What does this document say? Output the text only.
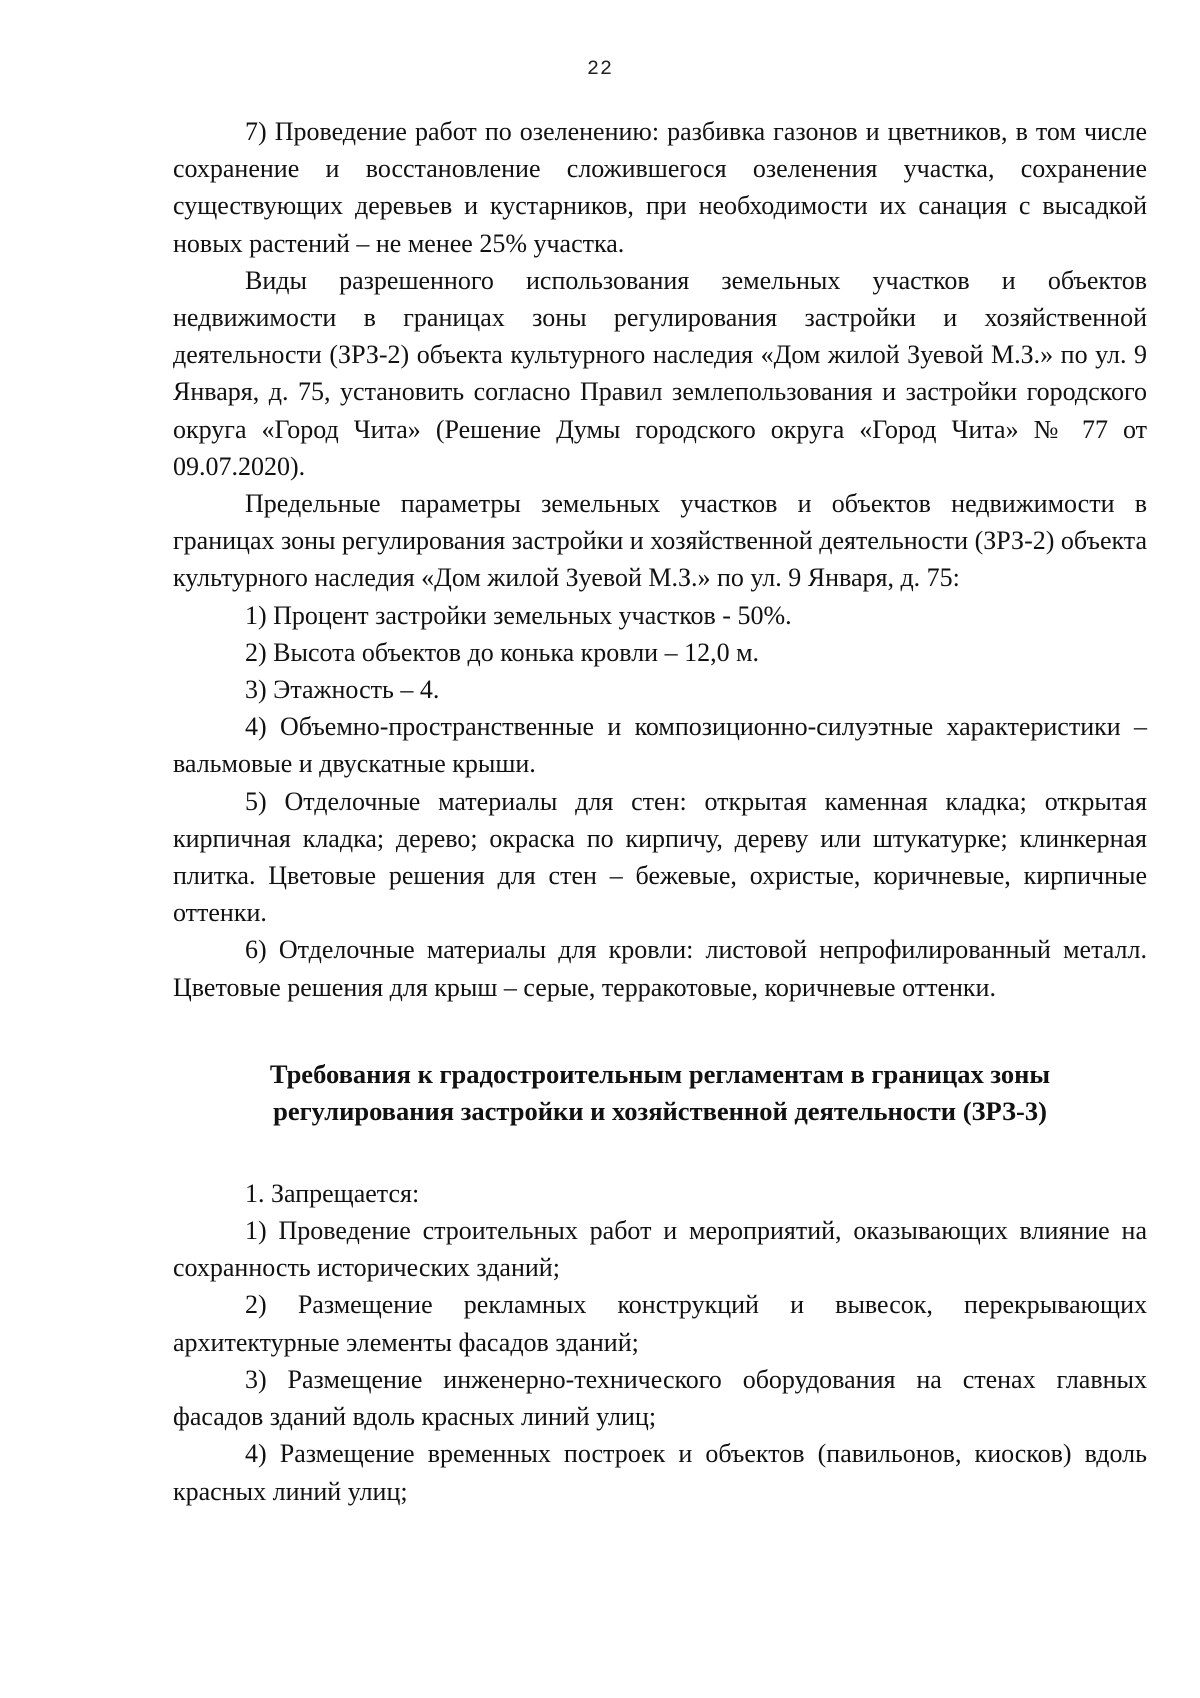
22

7) Проведение работ по озеленению: разбивка газонов и цветников, в том числе сохранение и восстановление сложившегося озеленения участка, сохранение существующих деревьев и кустарников, при необходимости их санация с высадкой новых растений – не менее 25% участка.

Виды разрешенного использования земельных участков и объектов недвижимости в границах зоны регулирования застройки и хозяйственной деятельности (ЗРЗ-2) объекта культурного наследия «Дом жилой Зуевой М.З.» по ул. 9 Января, д. 75, установить согласно Правил землепользования и застройки городского округа «Город Чита» (Решение Думы городского округа «Город Чита» № 77 от 09.07.2020).

Предельные параметры земельных участков и объектов недвижимости в границах зоны регулирования застройки и хозяйственной деятельности (ЗРЗ-2) объекта культурного наследия «Дом жилой Зуевой М.З.» по ул. 9 Января, д. 75:

1) Процент застройки земельных участков - 50%.

2) Высота объектов до конька кровли – 12,0 м.

3) Этажность – 4.

4) Объемно-пространственные и композиционно-силуэтные характеристики – вальмовые и двускатные крыши.

5) Отделочные материалы для стен: открытая каменная кладка; открытая кирпичная кладка; дерево; окраска по кирпичу, дереву или штукатурке; клинкерная плитка. Цветовые решения для стен – бежевые, охристые, коричневые, кирпичные оттенки.

6) Отделочные материалы для кровли: листовой непрофилированный металл. Цветовые решения для крыш – серые, терракотовые, коричневые оттенки.

Требования к градостроительным регламентам в границах зоны
регулирования застройки и хозяйственной деятельности (ЗРЗ-3)

1. Запрещается:

1) Проведение строительных работ и мероприятий, оказывающих влияние на сохранность исторических зданий;

2) Размещение рекламных конструкций и вывесок, перекрывающих архитектурные элементы фасадов зданий;

3) Размещение инженерно-технического оборудования на стенах главных фасадов зданий вдоль красных линий улиц;

4) Размещение временных построек и объектов (павильонов, киосков) вдоль красных линий улиц;
